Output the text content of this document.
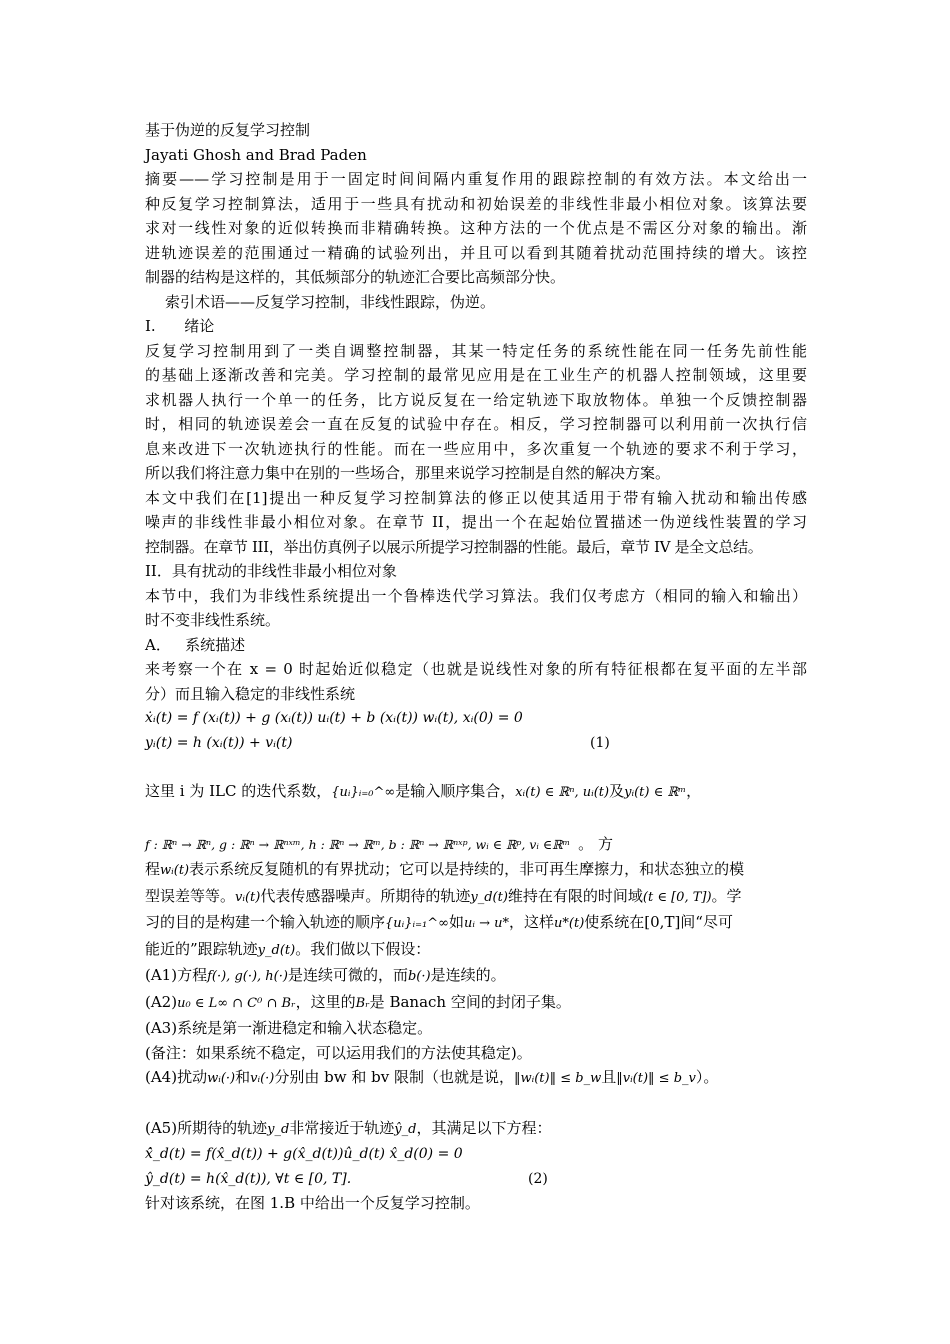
基于伪逆的反复学习控制
Jayati Ghosh and Brad Paden
摘要——学习控制是用于一固定时间间隔内重复作用的跟踪控制的有效方法。本文给出一
种反复学习控制算法，适用于一些具有扰动和初始误差的非线性非最小相位对象。该算法要
求对一线性对象的近似转换而非精确转换。这种方法的一个优点是不需区分对象的输出。渐
进轨迹误差的范围通过一精确的试验列出，并且可以看到其随着扰动范围持续的增大。该控
制器的结构是这样的，其低频部分的轨迹汇合要比高频部分快。
索引术语——反复学习控制，非线性跟踪，伪逆。
I.      绪论
反复学习控制用到了一类自调整控制器，其某一特定任务的系统性能在同一任务先前性能
的基础上逐渐改善和完美。学习控制的最常见应用是在工业生产的机器人控制领域，这里要
求机器人执行一个单一的任务，比方说反复在一给定轨迹下取放物体。单独一个反馈控制器
时，相同的轨迹误差会一直在反复的试验中存在。相反，学习控制器可以利用前一次执行信
息来改进下一次轨迹执行的性能。而在一些应用中，多次重复一个轨迹的要求不利于学习，
所以我们将注意力集中在别的一些场合，那里来说学习控制是自然的解决方案。
本文中我们在[1]提出一种反复学习控制算法的修正以使其适用于带有输入扰动和输出传感
噪声的非线性非最小相位对象。在章节 II，提出一个在起始位置描述一伪逆线性装置的学习
控制器。在章节 III，举出仿真例子以展示所提学习控制器的性能。最后，章节 IV 是全文总结。
II．具有扰动的非线性非最小相位对象
本节中，我们为非线性系统提出一个鲁棒迭代学习算法。我们仅考虑方（相同的输入和输出）
时不变非线性系统。
A．   系统描述
来考察一个在 x = 0 时起始近似稳定（也就是说线性对象的所有特征根都在复平面的左半部
分）而且输入稳定的非线性系统
ẋᵢ(t) = f (xᵢ(t)) + g (xᵢ(t)) uᵢ(t) + b (xᵢ(t)) wᵢ(t), xᵢ(0) = 0
yᵢ(t) = h (xᵢ(t)) + vᵢ(t)	(1)
这里 i 为 ILC 的迭代系数，{uᵢ}ᵢ₌₀^∞是输入顺序集合，xᵢ(t) ∈ ℝⁿ, uᵢ(t)及yᵢ(t) ∈ ℝᵐ，
f : ℝⁿ → ℝⁿ, g : ℝⁿ → ℝⁿˣᵐ, h : ℝⁿ → ℝᵐ, b : ℝⁿ → ℝⁿˣᵖ, wᵢ ∈ ℝᵖ, vᵢ ∈ℝᵐ 。 方
程wᵢ(t)表示系统反复随机的有界扰动；它可以是持续的，非可再生摩擦力，和状态独立的模
型误差等等。vᵢ(t)代表传感器噪声。所期待的轨迹y_d(t)维持在有限的时间域(t ∈ [0, T])。学
习的目的是构建一个输入轨迹的顺序{uᵢ}ᵢ₌₁^∞如uᵢ → u*，这样u*(t)使系统在[0,T]间“尽可
能近的”跟踪轨迹y_d(t)。我们做以下假设：
(A1)方程f(·), g(·), h(·)是连续可微的，而b(·)是连续的。
(A2)u₀ ∈ L∞ ∩ C⁰ ∩ Bᵣ，这里的Bᵣ是 Banach 空间的封闭子集。
(A3)系统是第一渐进稳定和输入状态稳定。
(备注：如果系统不稳定，可以运用我们的方法使其稳定)。
(A4)扰动wᵢ(·)和vᵢ(·)分别由 bw 和 bv 限制（也就是说，‖wᵢ(t)‖ ≤ b_w且‖vᵢ(t)‖ ≤ b_v）。
(A5)所期待的轨迹y_d非常接近于轨迹ŷ_d，其满足以下方程：
x̂̇_d(t) = f(x̂_d(t)) + g(x̂_d(t))û_d(t) x̂_d(0) = 0
ŷ_d(t) = h(x̂_d(t)), ∀t ∈ [0, T].	(2)
针对该系统，在图 1.B 中给出一个反复学习控制。
